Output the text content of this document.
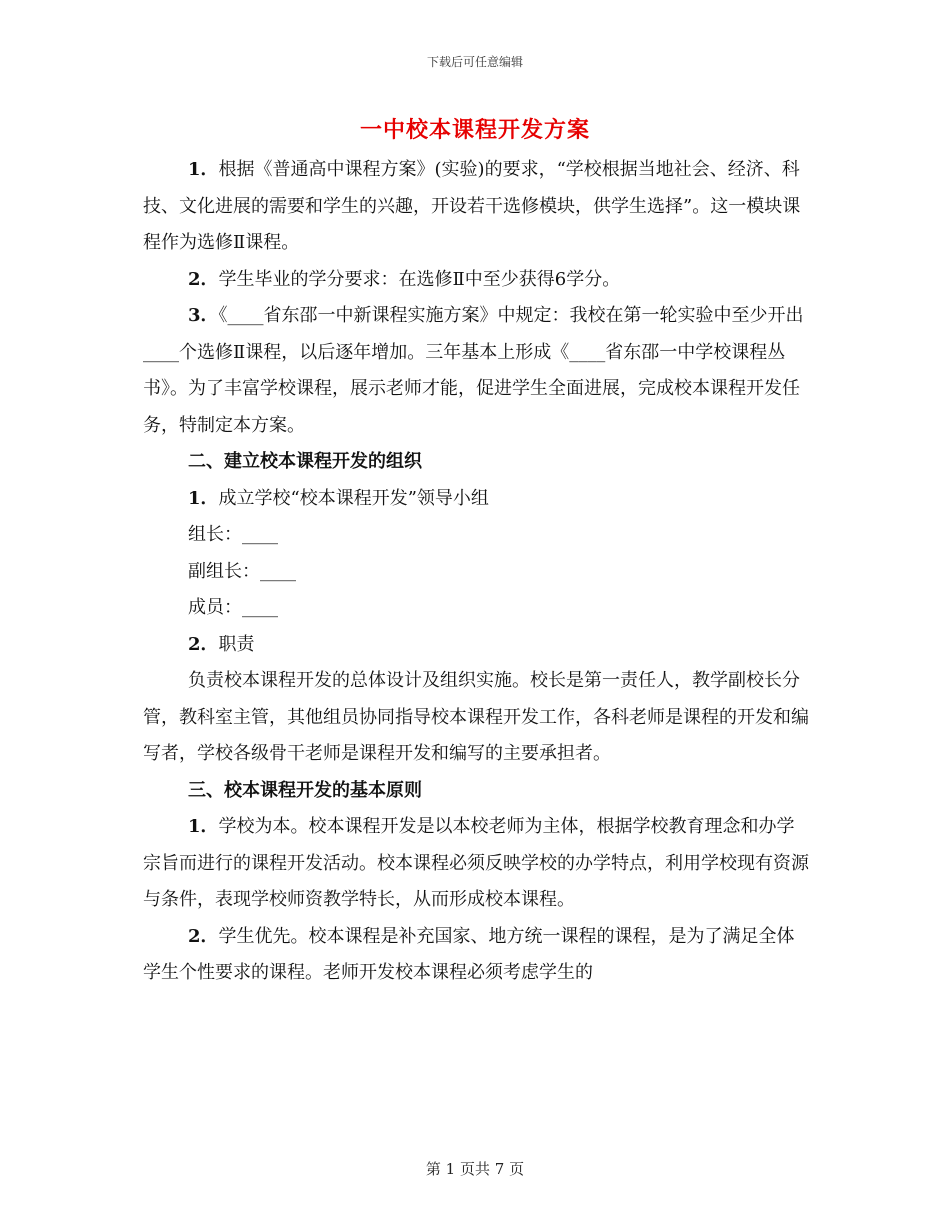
下载后可任意编辑
一中校本课程开发方案

1．根据《普通高中课程方案》(实验)的要求，“学校根据当地社会、经济、科技、文化进展的需要和学生的兴趣，开设若干选修模块，供学生选择”。这一模块课程作为选修Ⅱ课程。

2．学生毕业的学分要求：在选修Ⅱ中至少获得6学分。

3．《____省东邵一中新课程实施方案》中规定：我校在第一轮实验中至少开出____个选修Ⅱ课程，以后逐年增加。三年基本上形成《____省东邵一中学校课程丛书》。为了丰富学校课程，展示老师才能，促进学生全面进展，完成校本课程开发任务，特制定本方案。

二、建立校本课程开发的组织

1．成立学校“校本课程开发”领导小组

组长：____

副组长：____

成员：____

2．职责

负责校本课程开发的总体设计及组织实施。校长是第一责任人，教学副校长分管，教科室主管，其他组员协同指导校本课程开发工作，各科老师是课程的开发和编写者，学校各级骨干老师是课程开发和编写的主要承担者。

三、校本课程开发的基本原则

1．学校为本。校本课程开发是以本校老师为主体，根据学校教育理念和办学宗旨而进行的课程开发活动。校本课程必须反映学校的办学特点，利用学校现有资源与条件，表现学校师资教学特长，从而形成校本课程。

2．学生优先。校本课程是补充国家、地方统一课程的课程，是为了满足全体学生个性要求的课程。老师开发校本课程必须考虑学生的

第 1 页共 7 页
